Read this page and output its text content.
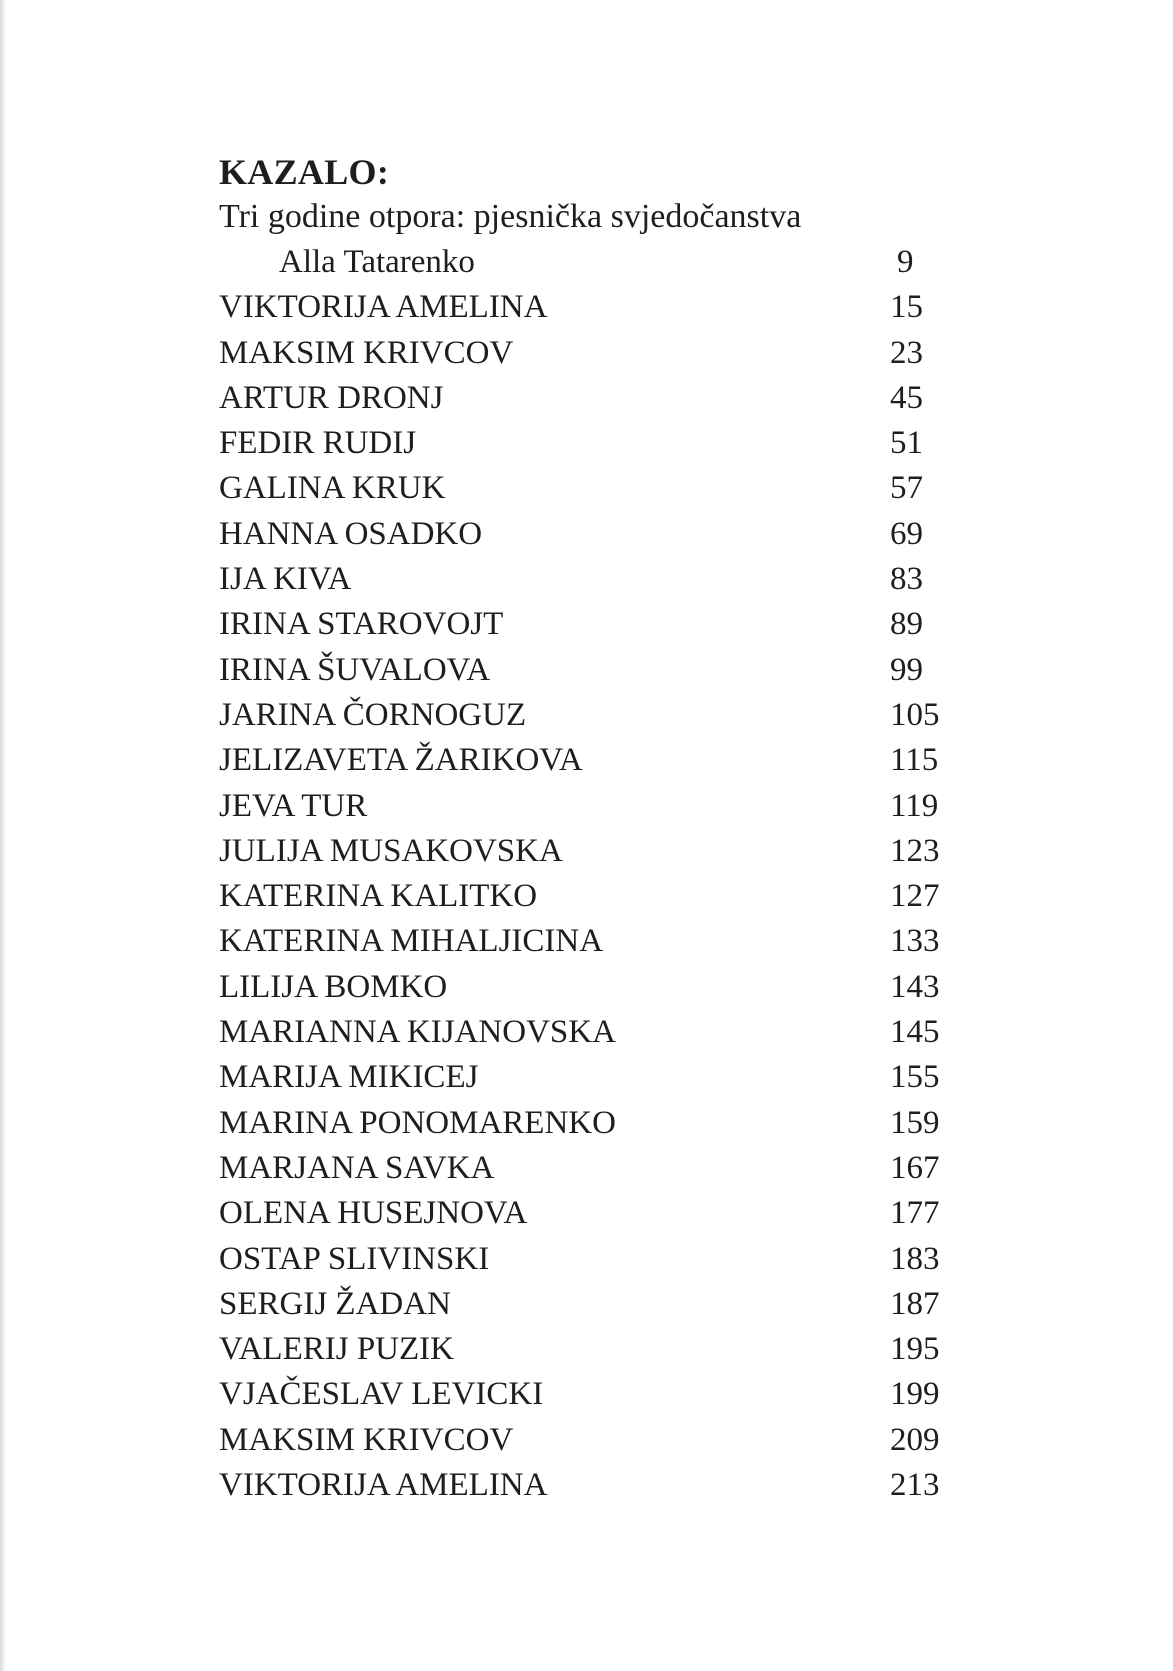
KAZALO:
Tri godine otpora: pjesnička svjedočanstva
Alla Tatarenko	9
VIKTORIJA AMELINA	15
MAKSIM KRIVCOV	23
ARTUR DRONJ	45
FEDIR RUDIJ	51
GALINA KRUK	57
HANNA OSADKO	69
IJA KIVA	83
IRINA STAROVOJT	89
IRINA ŠUVALOVA	99
JARINA ČORNOGUZ	105
JELIZAVETA ŽARIKOVA	115
JEVA TUR	119
JULIJA MUSAKOVSKA	123
KATERINA KALITKO	127
KATERINA MIHALJICINA	133
LILIJA BOMKO	143
MARIANNA KIJANOVSKA	145
MARIJA MIKICEJ	155
MARINA PONOMARENKO	159
MARJANA SAVKA	167
OLENA HUSEJNOVA	177
OSTAP SLIVINSKI	183
SERGIJ ŽADAN	187
VALERIJ PUZIK	195
VJAČESLAV LEVICKI	199
MAKSIM KRIVCOV	209
VIKTORIJA AMELINA	213
